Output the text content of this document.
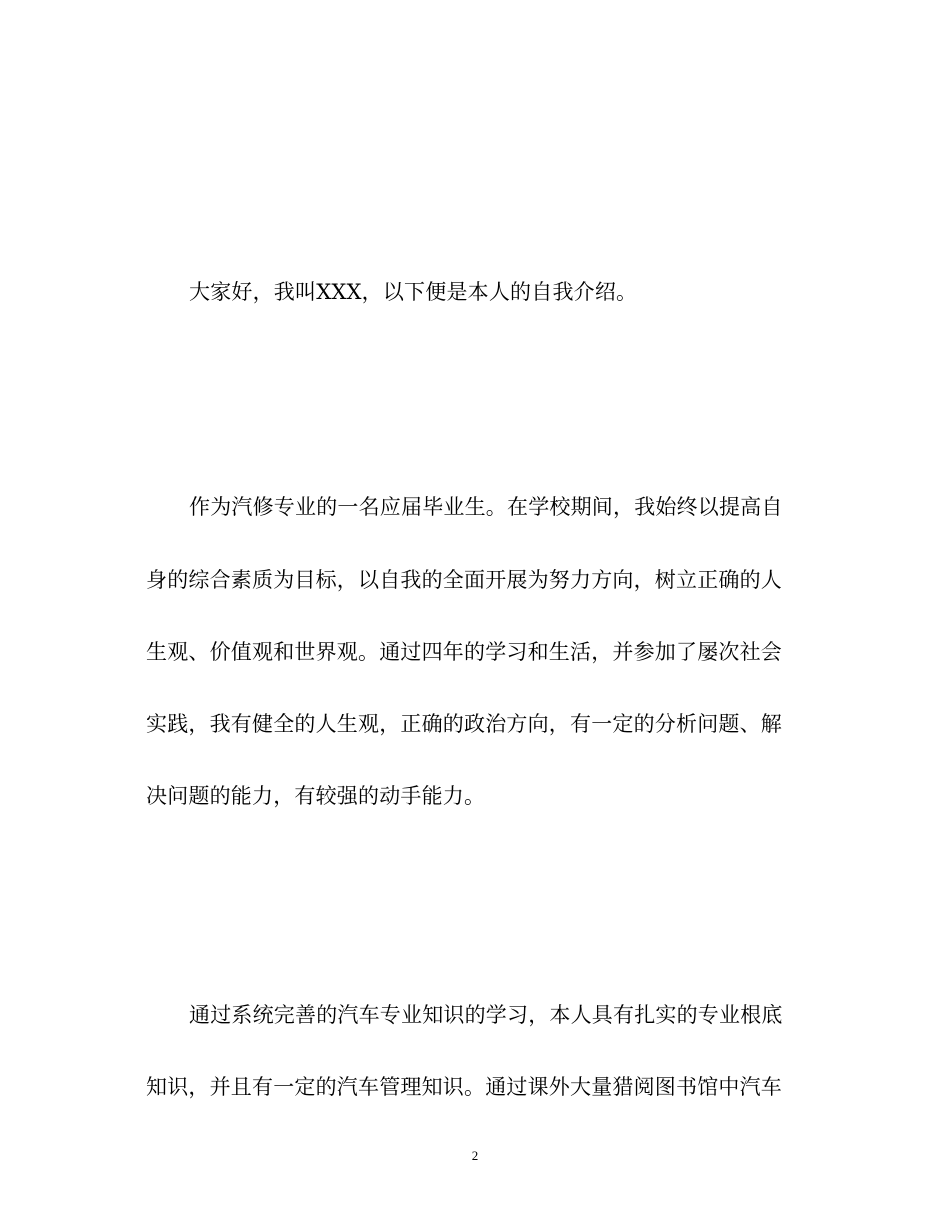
大家好，我叫XXX，以下便是本人的自我介绍。
作为汽修专业的一名应届毕业生。在学校期间，我始终以提高自
身的综合素质为目标，以自我的全面开展为努力方向，树立正确的人
生观、价值观和世界观。通过四年的学习和生活，并参加了屡次社会
实践，我有健全的人生观，正确的政治方向，有一定的分析问题、解
决问题的能力，有较强的动手能力。
通过系统完善的汽车专业知识的学习，本人具有扎实的专业根底
知识，并且有一定的汽车管理知识。通过课外大量猎阅图书馆中汽车
2
